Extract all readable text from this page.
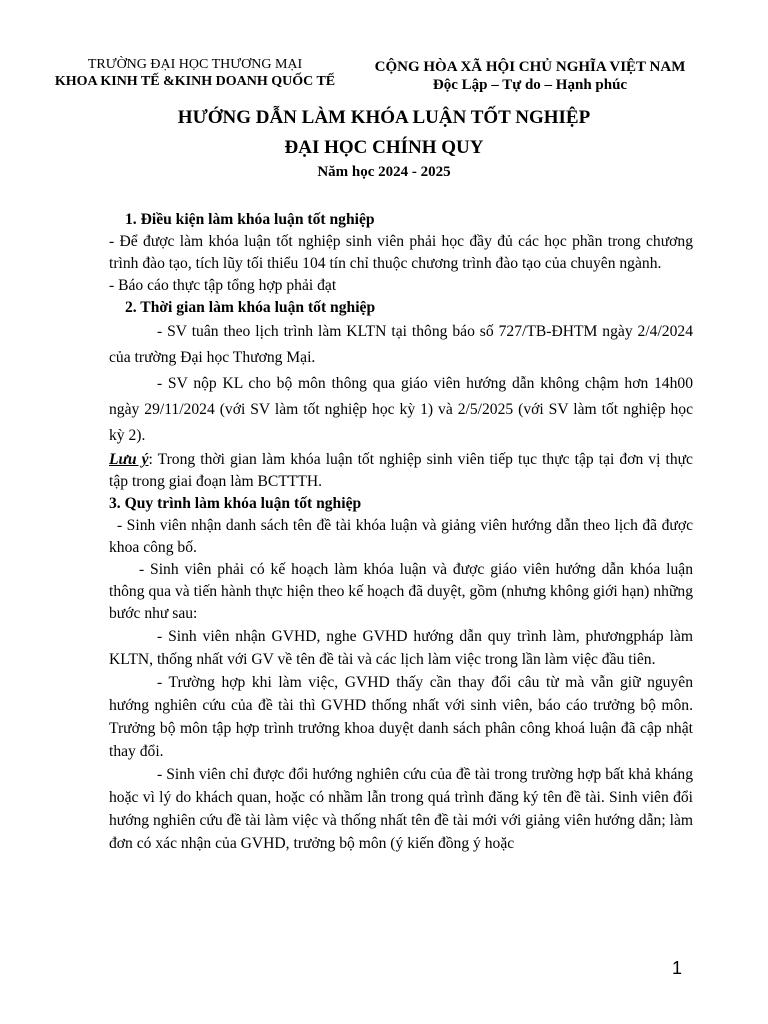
TRƯỜNG ĐẠI HỌC THƯƠNG MẠI
KHOA KINH TẾ &KINH DOANH QUỐC TẾ
CỘNG HÒA XÃ HỘI CHỦ NGHĨA VIỆT NAM
Độc Lập – Tự do – Hạnh phúc
HƯỚNG DẪN LÀM KHÓA LUẬN TỐT NGHIỆP
ĐẠI HỌC CHÍNH QUY
Năm học 2024 - 2025

1. Điều kiện làm khóa luận tốt nghiệp

- Để được làm khóa luận tốt nghiệp sinh viên phải học đầy đủ các học phần trong chương trình đào tạo, tích lũy tối thiểu 104 tín chỉ thuộc chương trình đào tạo của chuyên ngành.

- Báo cáo thực tập tổng hợp phải đạt

2. Thời gian làm khóa luận tốt nghiệp

- SV tuân theo lịch trình làm KLTN tại thông báo số 727/TB-ĐHTM ngày 2/4/2024 của trường Đại học Thương Mại.

- SV nộp KL cho bộ môn thông qua giáo viên hướng dẫn không chậm hơn 14h00 ngày 29/11/2024 (với SV làm tốt nghiệp học kỳ 1) và 2/5/2025 (với SV làm tốt nghiệp học kỳ 2).

Lưu ý: Trong thời gian làm khóa luận tốt nghiệp sinh viên tiếp tục thực tập tại đơn vị thực tập trong giai đoạn làm BCTTTH.

3. Quy trình làm khóa luận tốt nghiệp

- Sinh viên nhận danh sách tên đề tài khóa luận và giảng viên hướng dẫn theo lịch đã được khoa công bố.

- Sinh viên phải có kế hoạch làm khóa luận và được giáo viên hướng dẫn khóa luận thông qua và tiến hành thực hiện theo kế hoạch đã duyệt, gồm (nhưng không giới hạn) những bước như sau:

- Sinh viên nhận GVHD, nghe GVHD hướng dẫn quy trình làm, phươngpháp làm KLTN, thống nhất với GV về tên đề tài và các lịch làm việc trong lần làm việc đầu tiên.

- Trường hợp khi làm việc, GVHD thấy cần thay đổi câu từ mà vẫn giữ nguyên hướng nghiên cứu của đề tài thì GVHD thống nhất với sinh viên, báo cáo trưởng bộ môn. Trưởng bộ môn tập hợp trình trưởng khoa duyệt danh sách phân công khoá luận đã cập nhật thay đổi.

- Sinh viên chỉ được đổi hướng nghiên cứu của đề tài trong trường hợp bất khả kháng hoặc vì lý do khách quan, hoặc có nhầm lẫn trong quá trình đăng ký tên đề tài. Sinh viên đổi hướng nghiên cứu đề tài làm việc và thống nhất tên đề tài mới với giảng viên hướng dẫn; làm đơn có xác nhận của GVHD, trưởng bộ môn (ý kiến đồng ý hoặc

1
